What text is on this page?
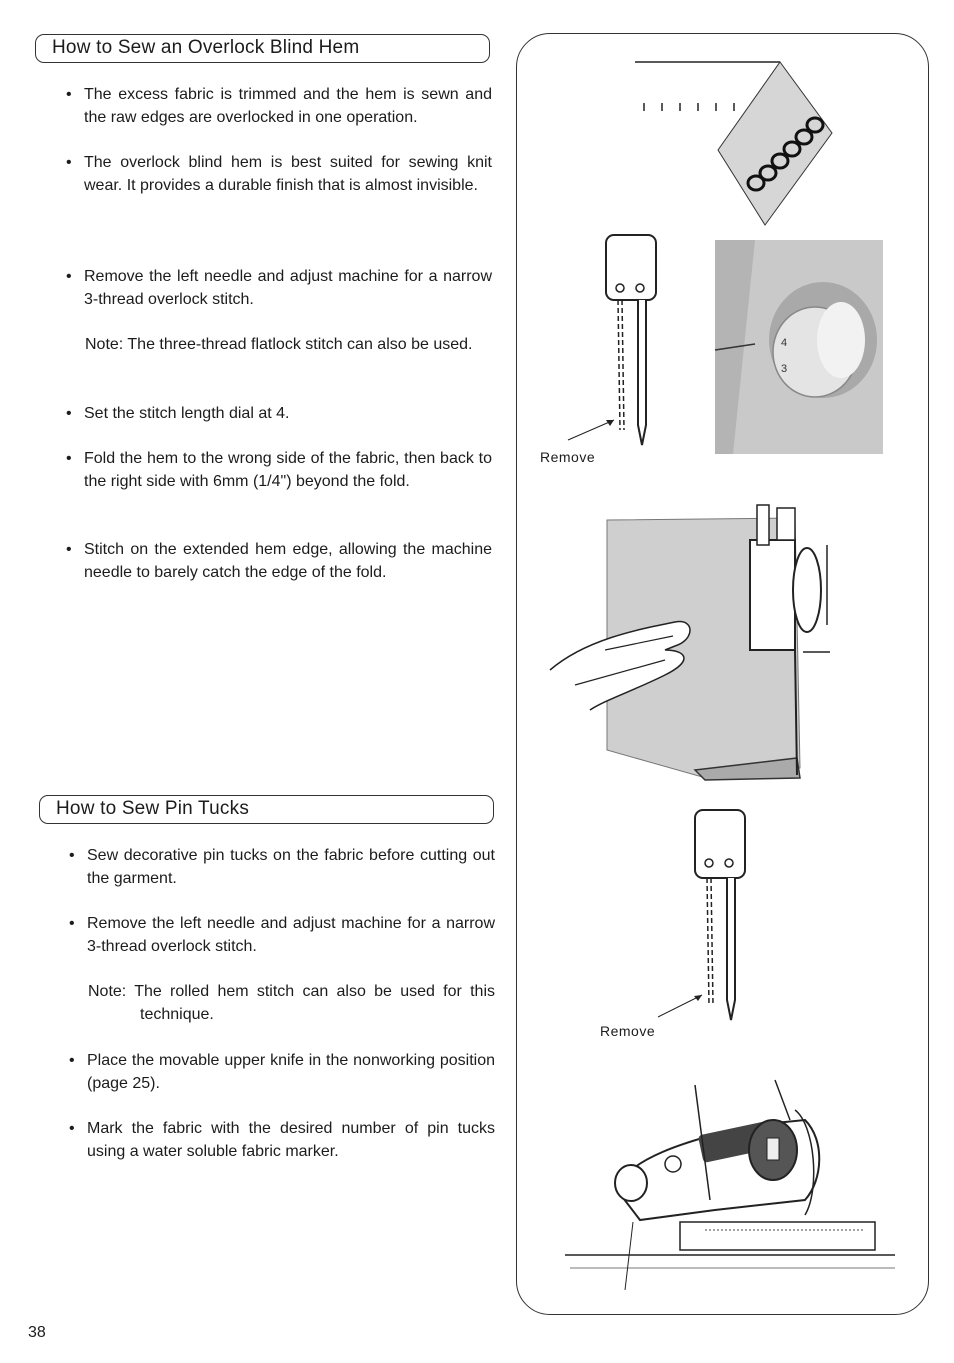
How to Sew an Overlock Blind Hem
• The excess fabric is trimmed and the hem is sewn and the raw edges are overlocked in one operation.
• The overlock blind hem is best suited for sewing knit wear. It provides a durable finish that is almost invisible.
• Remove the left needle and adjust machine for a narrow 3-thread overlock stitch.
Note: The three-thread flatlock stitch can also be used.
• Set the stitch length dial at 4.
• Fold the hem to the wrong side of the fabric, then back to the right side with 6mm (1/4") beyond the fold.
• Stitch on the extended hem edge, allowing the machine needle to barely catch the edge of the fold.
How to Sew Pin Tucks
• Sew decorative pin tucks on the fabric before cutting out the garment.
• Remove the left needle and adjust machine for a narrow 3-thread overlock stitch.
Note: The rolled hem stitch can also be used for this technique.
• Place the movable upper knife in the nonworking position (page 25).
• Mark the fabric with the desired number of pin tucks using a water soluble fabric marker.
Remove
4
3
Remove
38
